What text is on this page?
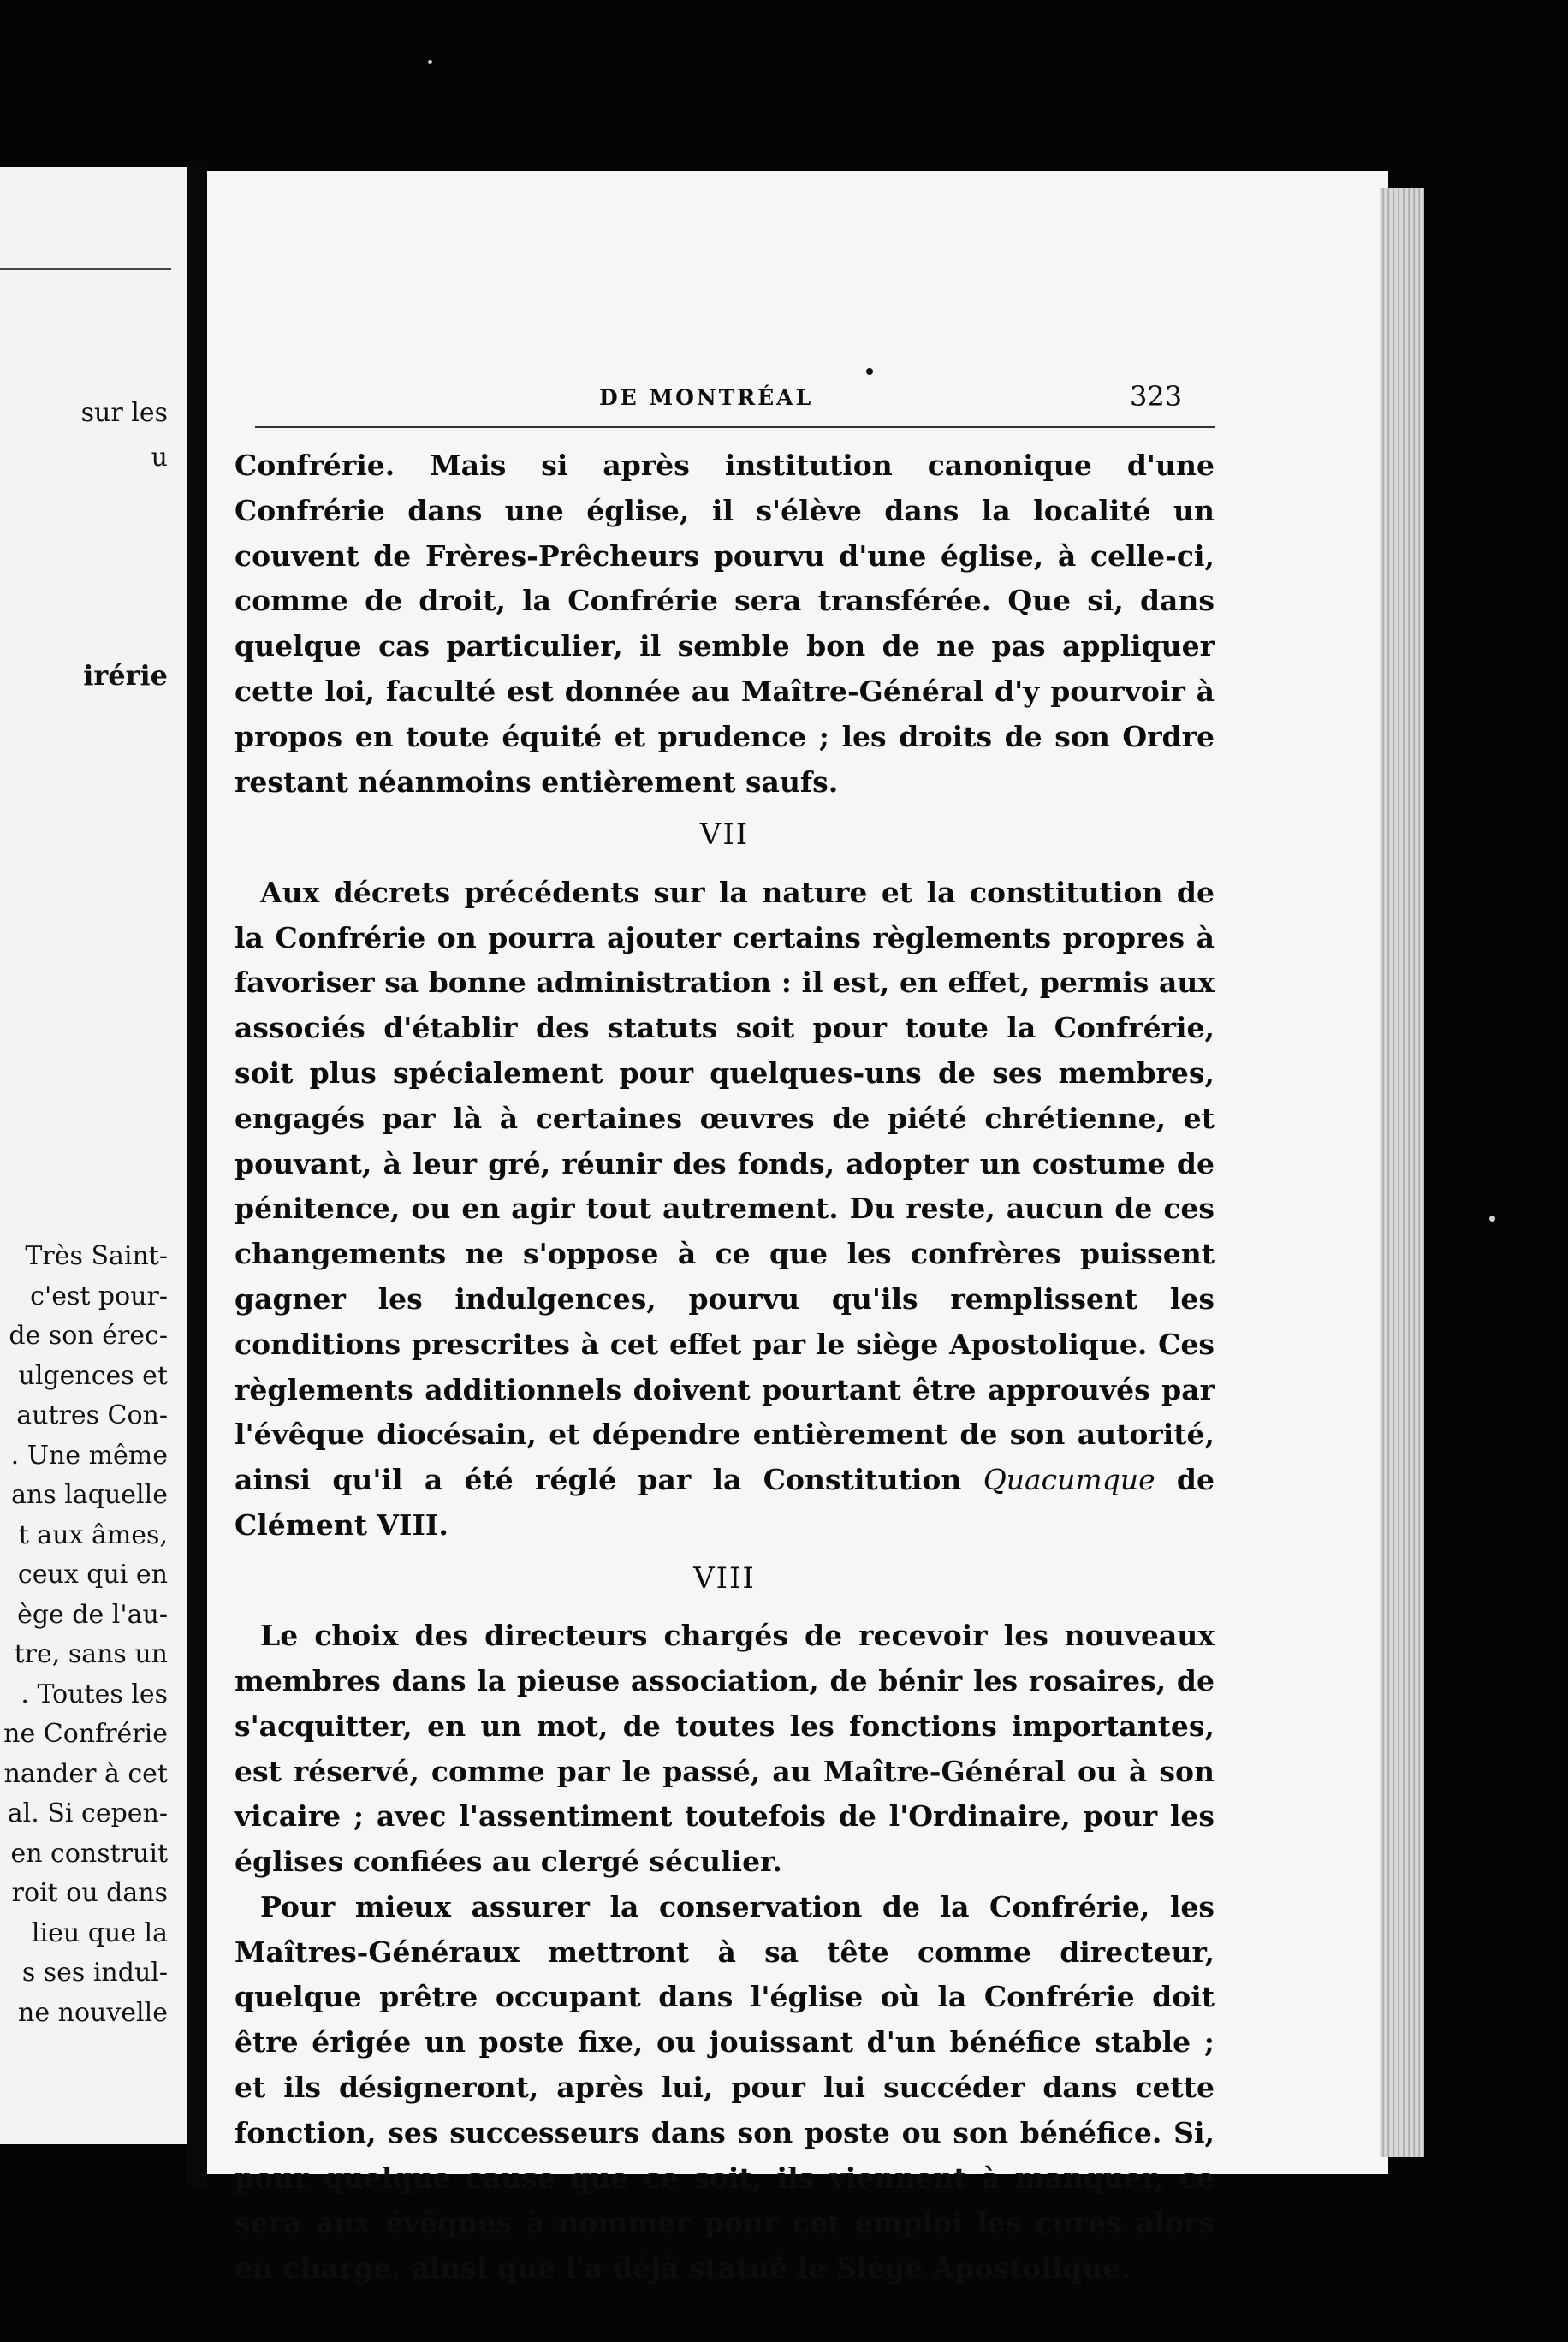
sur les
u
irérie
Très Saint-
c'est pour-
de son érec-
ulgences et
autres Con-
. Une même
ans laquelle
t aux âmes,
ceux qui en
ège de l'au-
tre, sans un
. Toutes les
ne Confrérie
nander à cet
al. Si cepen-
en construit
roit ou dans
lieu que la
s ses indul-
ne nouvelle
DE MONTRÉAL	323

Confrérie. Mais si après institution canonique d'une Confrérie dans une église, il s'élève dans la localité un couvent de Frères-Prêcheurs pourvu d'une église, à celle-ci, comme de droit, la Confrérie sera transférée. Que si, dans quelque cas particulier, il semble bon de ne pas appliquer cette loi, faculté est donnée au Maître-Général d'y pourvoir à propos en toute équité et prudence ; les droits de son Ordre restant néanmoins entièrement saufs.

VII

Aux décrets précédents sur la nature et la constitution de la Confrérie on pourra ajouter certains règlements propres à favoriser sa bonne administration : il est, en effet, permis aux associés d'établir des statuts soit pour toute la Confrérie, soit plus spécialement pour quelques-uns de ses membres, engagés par là à certaines œuvres de piété chrétienne, et pouvant, à leur gré, réunir des fonds, adopter un costume de pénitence, ou en agir tout autrement. Du reste, aucun de ces changements ne s'oppose à ce que les confrères puissent gagner les indulgences, pourvu qu'ils remplissent les conditions prescrites à cet effet par le siège Apostolique. Ces règlements additionnels doivent pourtant être approuvés par l'évêque diocésain, et dépendre entièrement de son autorité, ainsi qu'il a été réglé par la Constitution Quacumque de Clément VIII.

VIII

Le choix des directeurs chargés de recevoir les nouveaux membres dans la pieuse association, de bénir les rosaires, de s'acquitter, en un mot, de toutes les fonctions importantes, est réservé, comme par le passé, au Maître-Général ou à son vicaire ; avec l'assentiment toutefois de l'Ordinaire, pour les églises confiées au clergé séculier.

Pour mieux assurer la conservation de la Confrérie, les Maîtres-Généraux mettront à sa tête comme directeur, quelque prêtre occupant dans l'église où la Confrérie doit être érigée un poste fixe, ou jouissant d'un bénéfice stable ; et ils désigneront, après lui, pour lui succéder dans cette fonction, ses successeurs dans son poste ou son bénéfice. Si, pour quelque cause que ce soit, ils viennent à manquer, ce sera aux évêques à nommer pour cet emploi les cures alors en charge, ainsi que l'a déjà statué le Siège Apostolique.
